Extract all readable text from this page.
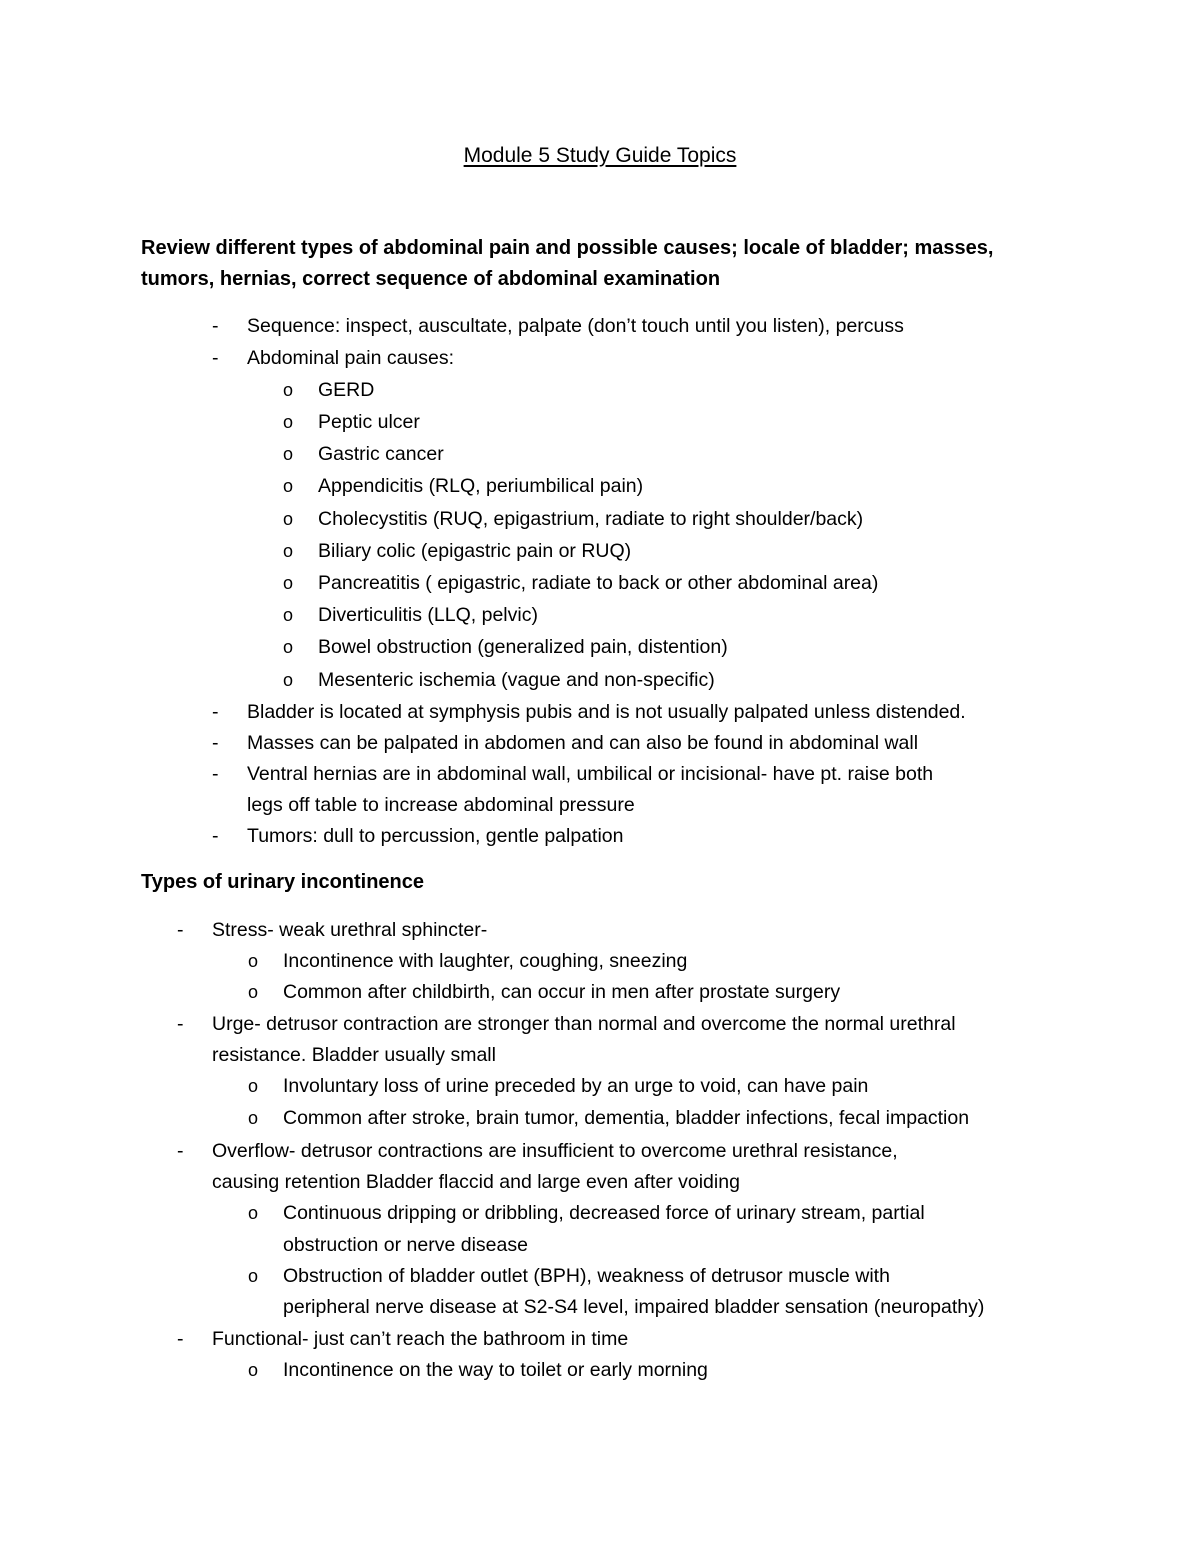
Module 5 Study Guide Topics
Review different types of abdominal pain and possible causes; locale of bladder; masses,
tumors, hernias, correct sequence of abdominal examination
- Sequence: inspect, auscultate, palpate (don’t touch until you listen), percuss
- Abdominal pain causes:
o GERD
o Peptic ulcer
o Gastric cancer
o Appendicitis (RLQ, periumbilical pain)
o Cholecystitis (RUQ, epigastrium, radiate to right shoulder/back)
o Biliary colic (epigastric pain or RUQ)
o Pancreatitis ( epigastric, radiate to back or other abdominal area)
o Diverticulitis (LLQ, pelvic)
o Bowel obstruction (generalized pain, distention)
o Mesenteric ischemia (vague and non-specific)
- Bladder is located at symphysis pubis and is not usually palpated unless distended.
- Masses can be palpated in abdomen and can also be found in abdominal wall
- Ventral hernias are in abdominal wall, umbilical or incisional- have pt. raise both
legs off table to increase abdominal pressure
- Tumors: dull to percussion, gentle palpation
Types of urinary incontinence
- Stress- weak urethral sphincter-
o Incontinence with laughter, coughing, sneezing
o Common after childbirth, can occur in men after prostate surgery
- Urge- detrusor contraction are stronger than normal and overcome the normal urethral
resistance. Bladder usually small
o Involuntary loss of urine preceded by an urge to void, can have pain
o Common after stroke, brain tumor, dementia, bladder infections, fecal impaction
- Overflow- detrusor contractions are insufficient to overcome urethral resistance,
causing retention Bladder flaccid and large even after voiding
o Continuous dripping or dribbling, decreased force of urinary stream, partial
obstruction or nerve disease
o Obstruction of bladder outlet (BPH), weakness of detrusor muscle with
peripheral nerve disease at S2-S4 level, impaired bladder sensation (neuropathy)
- Functional- just can’t reach the bathroom in time
o Incontinence on the way to toilet or early morning
